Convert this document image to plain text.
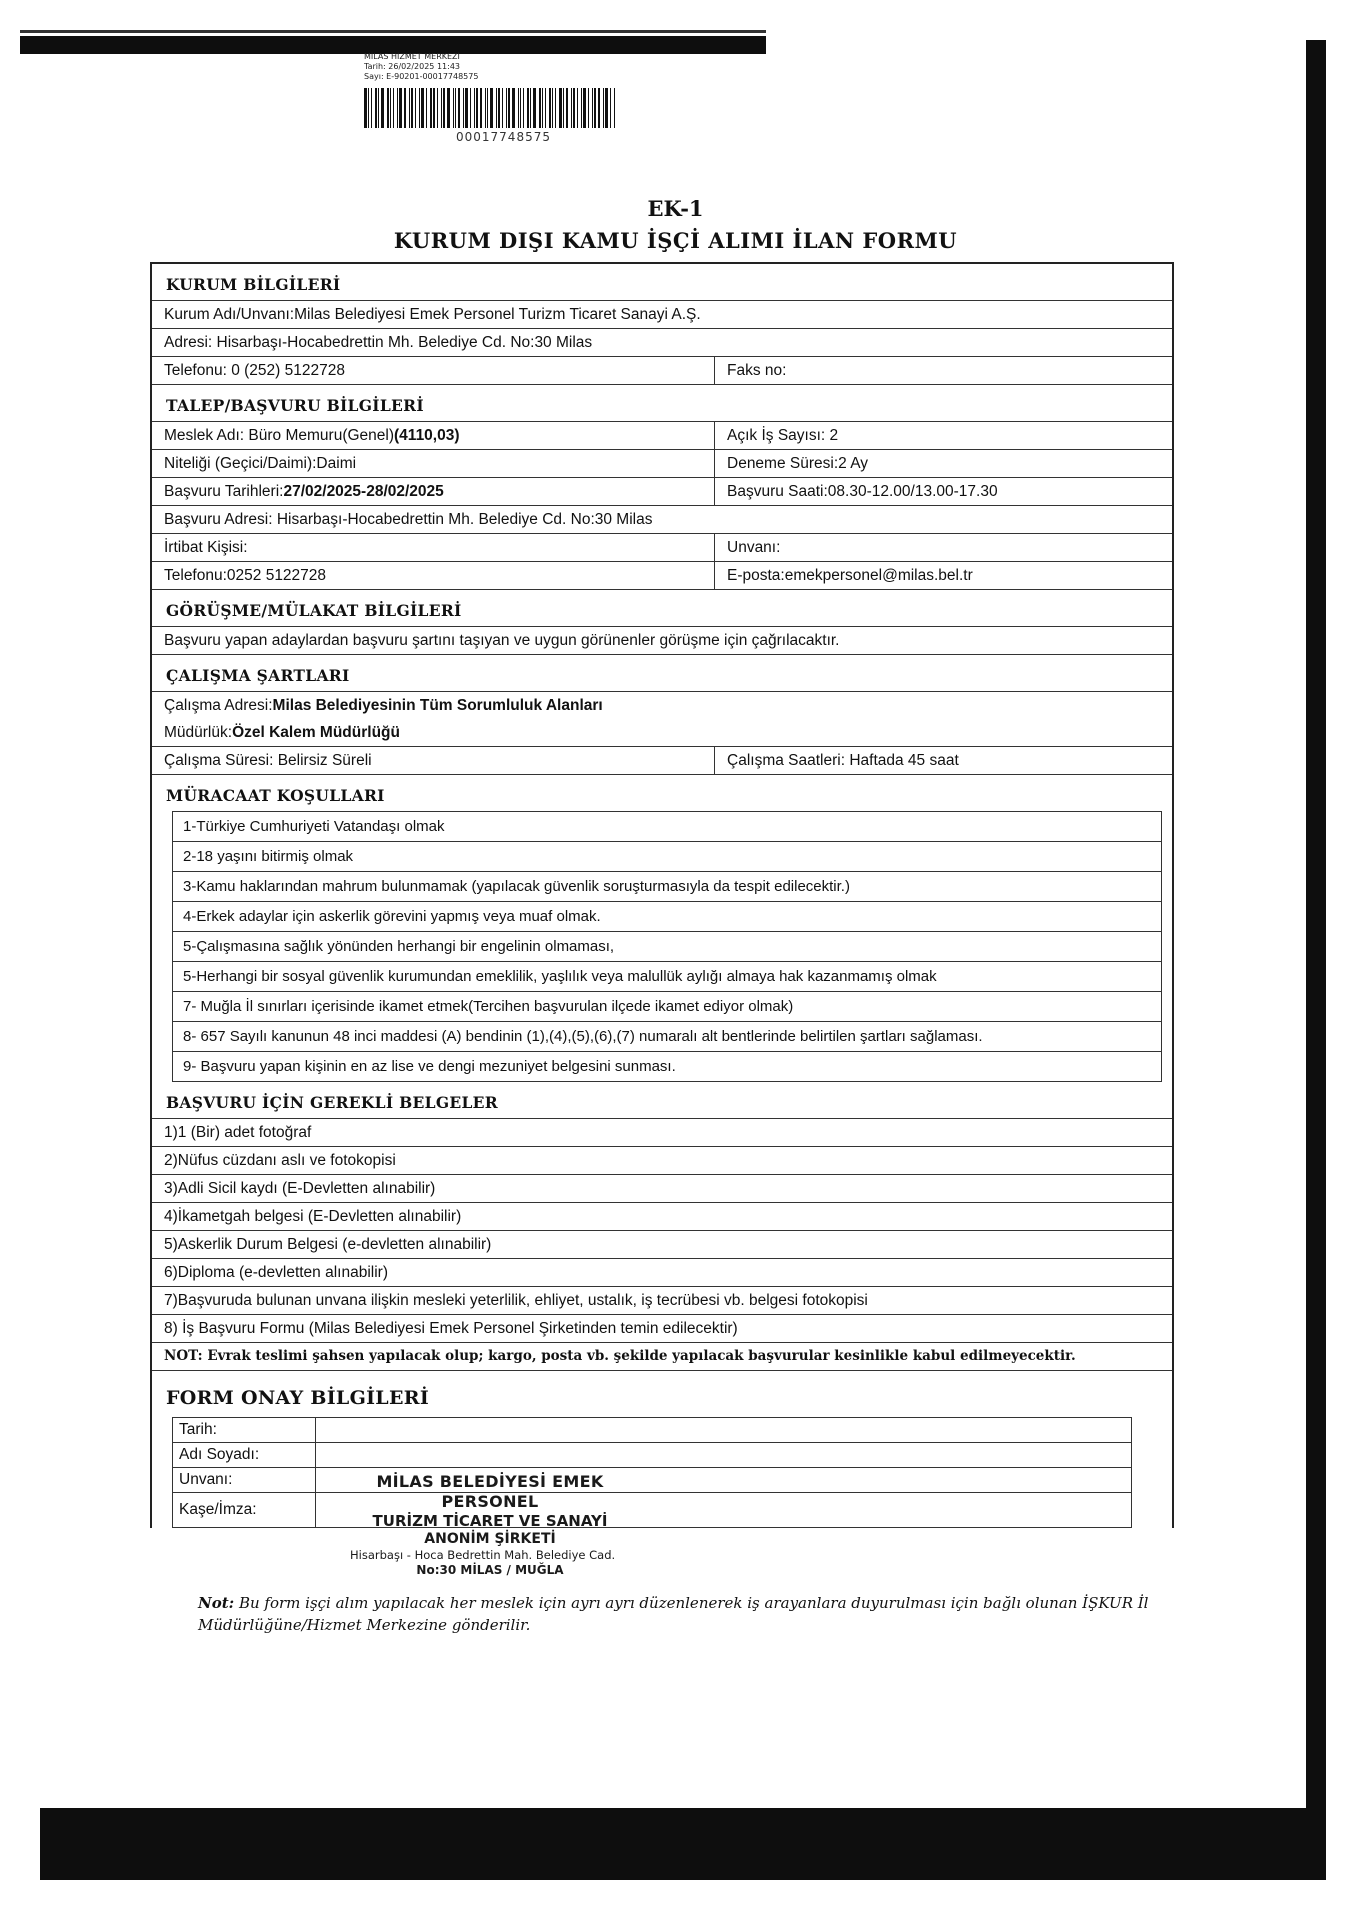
MİLAS HİZMET MERKEZİ
Tarih: 26/02/2025 11:43
Sayı: E-90201-00017748575
00017748575
EK-1
KURUM DIŞI KAMU İŞÇİ ALIMI İLAN FORMU
KURUM BİLGİLERİ
Kurum Adı/Unvanı:Milas Belediyesi Emek Personel Turizm Ticaret Sanayi A.Ş.
Adresi: Hisarbaşı-Hocabedrettin Mh. Belediye Cd. No:30 Milas
Telefonu: 0 (252) 5122728	Faks no:
TALEP/BAŞVURU BİLGİLERİ
Meslek Adı: Büro Memuru(Genel) (4110,03)	Açık İş Sayısı: 2
Niteliği (Geçici/Daimi):Daimi	Deneme Süresi:2 Ay
Başvuru Tarihleri: 27/02/2025-28/02/2025	Başvuru Saati:08.30-12.00/13.00-17.30
Başvuru Adresi: Hisarbaşı-Hocabedrettin Mh. Belediye Cd. No:30 Milas
İrtibat Kişisi:	Unvanı:
Telefonu:0252 5122728	E-posta:emekpersonel@milas.bel.tr
GÖRÜŞME/MÜLAKAT BİLGİLERİ
Başvuru yapan adaylardan başvuru şartını taşıyan ve uygun görünenler görüşme için çağrılacaktır.
ÇALIŞMA ŞARTLARI
Çalışma Adresi: Milas Belediyesinin Tüm Sorumluluk Alanları
Müdürlük: Özel Kalem Müdürlüğü
Çalışma Süresi: Belirsiz Süreli	Çalışma Saatleri: Haftada 45 saat
MÜRACAAT KOŞULLARI
1-Türkiye Cumhuriyeti Vatandaşı olmak
2-18 yaşını bitirmiş olmak
3-Kamu haklarından mahrum bulunmamak (yapılacak güvenlik soruşturmasıyla da tespit edilecektir.)
4-Erkek adaylar için askerlik görevini yapmış veya muaf olmak.
5-Çalışmasına sağlık yönünden herhangi bir engelinin olmaması,
5-Herhangi bir sosyal güvenlik kurumundan emeklilik, yaşlılık veya malullük aylığı almaya hak kazanmamış olmak
7- Muğla İl sınırları içerisinde ikamet etmek(Tercihen başvurulan ilçede ikamet ediyor olmak)
8- 657 Sayılı kanunun 48 inci maddesi (A) bendinin (1),(4),(5),(6),(7) numaralı alt bentlerinde belirtilen şartları sağlaması.
9- Başvuru yapan kişinin en az lise ve dengi mezuniyet belgesini sunması.
BAŞVURU İÇİN GEREKLİ BELGELER
1)1 (Bir) adet fotoğraf
2)Nüfus cüzdanı aslı ve fotokopisi
3)Adli Sicil kaydı (E-Devletten alınabilir)
4)İkametgah belgesi (E-Devletten alınabilir)
5)Askerlik Durum Belgesi (e-devletten alınabilir)
6)Diploma (e-devletten alınabilir)
7)Başvuruda bulunan unvana ilişkin mesleki yeterlilik, ehliyet, ustalık, iş tecrübesi vb. belgesi fotokopisi
8) İş Başvuru Formu (Milas Belediyesi Emek Personel Şirketinden temin edilecektir)
NOT: Evrak teslimi şahsen yapılacak olup; kargo, posta vb. şekilde yapılacak başvurular kesinlikle kabul edilmeyecektir.
FORM ONAY BİLGİLERİ
Tarih:
Adı Soyadı:
Unvanı:
Kaşe/İmza:
MİLAS BELEDİYESİ EMEK PERSONEL
TURİZM TİCARET VE SANAYİ
ANONİM ŞİRKETİ
Hisarbaşı - Hoca Bedrettin Mah. Belediye Cad.
No:30 MİLAS / MUĞLA
Not: Bu form işçi alım yapılacak her meslek için ayrı ayrı düzenlenerek iş arayanlara duyurulması için bağlı olunan İŞKUR İl Müdürlüğüne/Hizmet Merkezine gönderilir.
